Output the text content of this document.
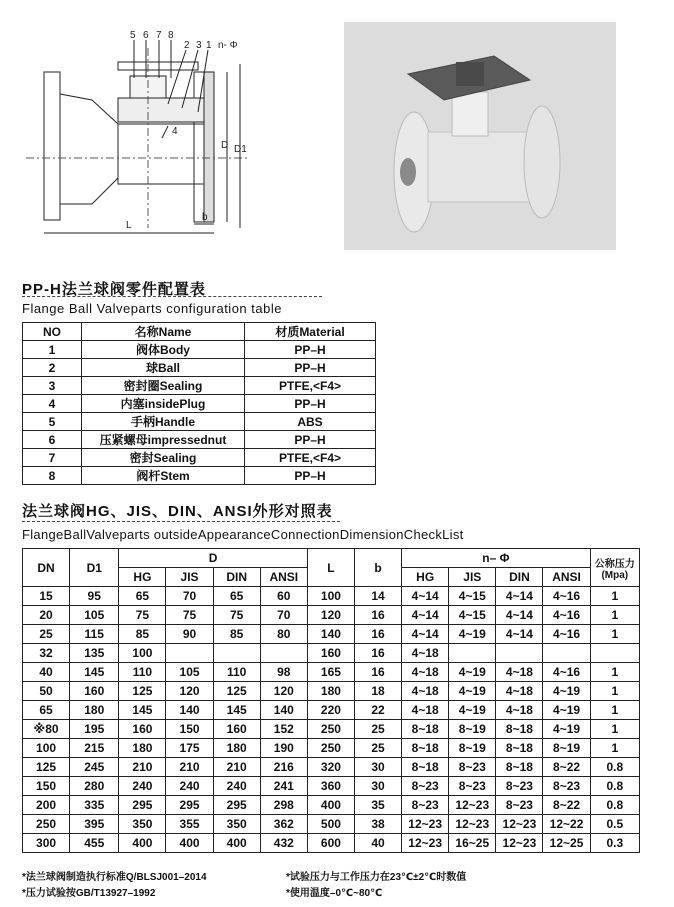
5 6 7 8
2 3 1
4
n- Φ
D D1
L
b
PP-H法兰球阀零件配置表
Flange Ball Valveparts configuration table
NO	名称Name	材质Material
1	阀体Body	PP–H
2	球Ball	PP–H
3	密封圈Sealing	PTFE,<F4>
4	内塞insidePlug	PP–H
5	手柄Handle	ABS
6	压紧螺母impressednut	PP–H
7	密封Sealing	PTFE,<F4>
8	阀杆Stem	PP–H
法兰球阀HG、JIS、DIN、ANSI外形对照表
FlangeBallValveparts outsideAppearanceConnectionDimensionCheckList
DN	D1	D				L	b	n– Φ				公称压力
(Mpa)

		HG	JIS	DIN	ANSI			HG	JIS	DIN	ANSI	
15	95	65	70	65	60	100	14	4~14	4~15	4~14	4~16	1
20	105	75	75	75	70	120	16	4~14	4~15	4~14	4~16	1
25	115	85	90	85	80	140	16	4~14	4~19	4~14	4~16	1
32	135	100				160	16	4~18				
40	145	110	105	110	98	165	16	4~18	4~19	4~18	4~16	1
50	160	125	120	125	120	180	18	4~18	4~19	4~18	4~19	1
65	180	145	140	145	140	220	22	4~18	4~19	4~18	4~19	1
※80	195	160	150	160	152	250	25	8~18	8~19	8~18	4~19	1
100	215	180	175	180	190	250	25	8~18	8~19	8~18	8~19	1
125	245	210	210	210	216	320	30	8~18	8~23	8~18	8~22	0.8
150	280	240	240	240	241	360	30	8~23	8~23	8~23	8~23	0.8
200	335	295	295	295	298	400	35	8~23	12~23	8~23	8~22	0.8
250	395	350	355	350	362	500	38	12~23	12~23	12~23	12~22	0.5
300	455	400	400	400	432	600	40	12~23	16~25	12~23	12~25	0.3
*法兰球阀制造执行标准Q/BLSJ001–2014	*试验压力与工作压力在23℃±2℃时数值
*压力试验按GB/T13927–1992	*使用温度–0℃~80℃
